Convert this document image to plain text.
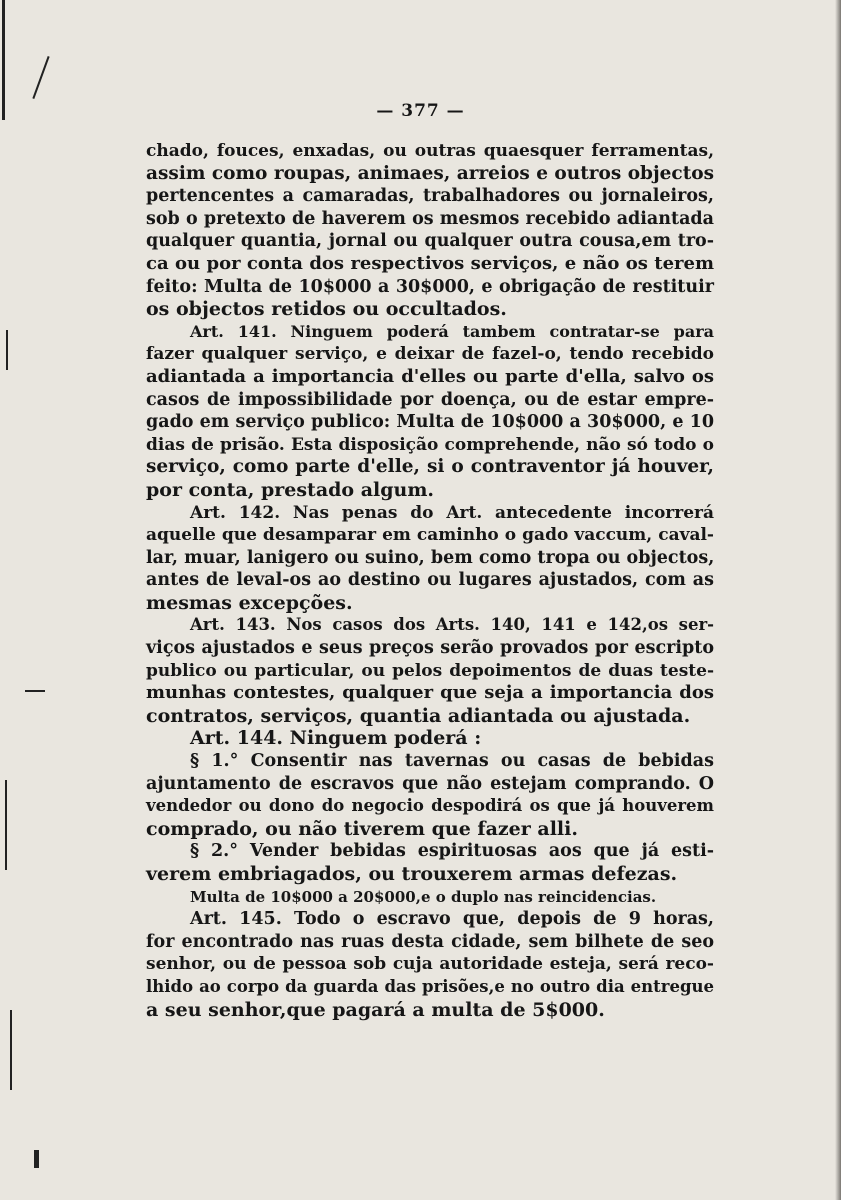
— 377 —
chado, fouces, enxadas, ou outras quaesquer ferramentas,
assim como roupas, animaes, arreios e outros objectos
pertencentes a camaradas, trabalhadores ou jornaleiros,
sob o pretexto de haverem os mesmos recebido adiantada
qualquer quantia, jornal ou qualquer outra cousa,em tro-
ca ou por conta dos respectivos serviços, e não os terem
feito: Multa de 10$000 a 30$000, e obrigação de restituir
os objectos retidos ou occultados.
Art. 141. Ninguem poderá tambem contratar-se para
fazer qualquer serviço, e deixar de fazel-o, tendo recebido
adiantada a importancia d'elles ou parte d'ella, salvo os
casos de impossibilidade por doença, ou de estar empre-
gado em serviço publico: Multa de 10$000 a 30$000, e 10
dias de prisão. Esta disposição comprehende, não só todo o
serviço, como parte d'elle, si o contraventor já houver,
por conta, prestado algum.
Art. 142. Nas penas do Art. antecedente incorrerá
aquelle que desamparar em caminho o gado vaccum, caval-
lar, muar, lanigero ou suino, bem como tropa ou objectos,
antes de leval-os ao destino ou lugares ajustados, com as
mesmas excepções.
Art. 143. Nos casos dos Arts. 140, 141 e 142,os ser-
viços ajustados e seus preços serão provados por escripto
publico ou particular, ou pelos depoimentos de duas teste-
munhas contestes, qualquer que seja a importancia dos
contratos, serviços, quantia adiantada ou ajustada.
Art. 144. Ninguem poderá :
§ 1.° Consentir nas tavernas ou casas de bebidas
ajuntamento de escravos que não estejam comprando. O
vendedor ou dono do negocio despodirá os que já houverem
comprado, ou não tiverem que fazer alli.
§ 2.° Vender bebidas espirituosas aos que já esti-
verem embriagados, ou trouxerem armas defezas.
Multa de 10$000 a 20$000,e o duplo nas reincidencias.
Art. 145. Todo o escravo que, depois de 9 horas,
for encontrado nas ruas desta cidade, sem bilhete de seo
senhor, ou de pessoa sob cuja autoridade esteja, será reco-
lhido ao corpo da guarda das prisões,e no outro dia entregue
a seu senhor,que pagará a multa de 5$000.
